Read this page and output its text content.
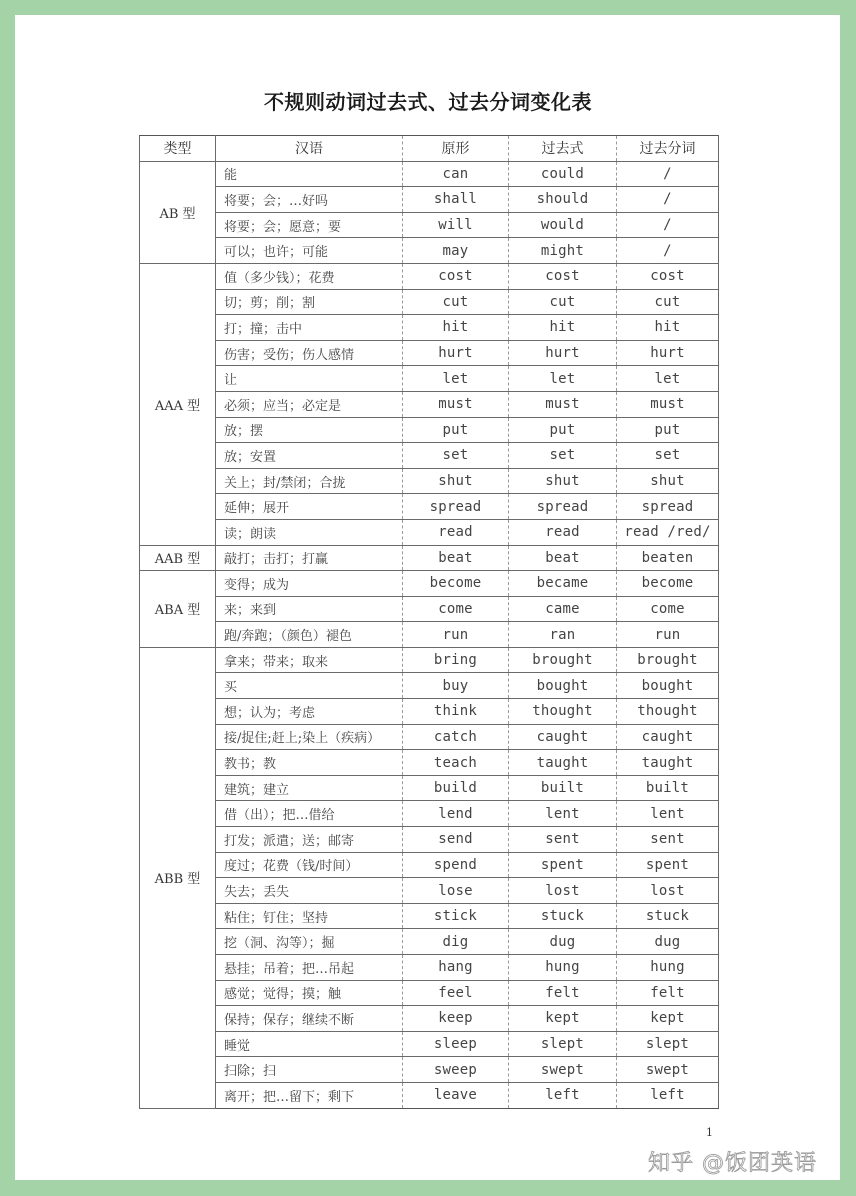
不规则动词过去式、过去分词变化表
类型	汉语	原形	过去式	过去分词
AB 型	能	can	could	/
	将要；会；…好吗	shall	should	/
	将要；会；愿意；要	will	would	/
	可以；也许；可能	may	might	/
AAA 型	值（多少钱）；花费	cost	cost	cost
	切；剪；削；割	cut	cut	cut
	打；撞；击中	hit	hit	hit
	伤害；受伤；伤人感情	hurt	hurt	hurt
	让	let	let	let
	必须；应当；必定是	must	must	must
	放；摆	put	put	put
	放；安置	set	set	set
	关上；封/禁闭；合拢	shut	shut	shut
	延伸；展开	spread	spread	spread
	读；朗读	read	read	read /red/
AAB 型	敲打；击打；打赢	beat	beat	beaten
ABA 型	变得；成为	become	became	become
	来；来到	come	came	come
	跑/奔跑；（颜色）褪色	run	ran	run
ABB 型	拿来；带来；取来	bring	brought	brought
	买	buy	bought	bought
	想；认为；考虑	think	thought	thought
	接/捉住;赶上;染上（疾病）	catch	caught	caught
	教书；教	teach	taught	taught
	建筑；建立	build	built	built
	借（出）；把…借给	lend	lent	lent
	打发；派遣；送；邮寄	send	sent	sent
	度过；花费（钱/时间）	spend	spent	spent
	失去；丢失	lose	lost	lost
	粘住；钉住；坚持	stick	stuck	stuck
	挖（洞、沟等）；掘	dig	dug	dug
	悬挂；吊着；把…吊起	hang	hung	hung
	感觉；觉得；摸；触	feel	felt	felt
	保持；保存；继续不断	keep	kept	kept
	睡觉	sleep	slept	slept
	扫除；扫	sweep	swept	swept
	离开；把…留下；剩下	leave	left	left
1
知乎 @饭团英语
